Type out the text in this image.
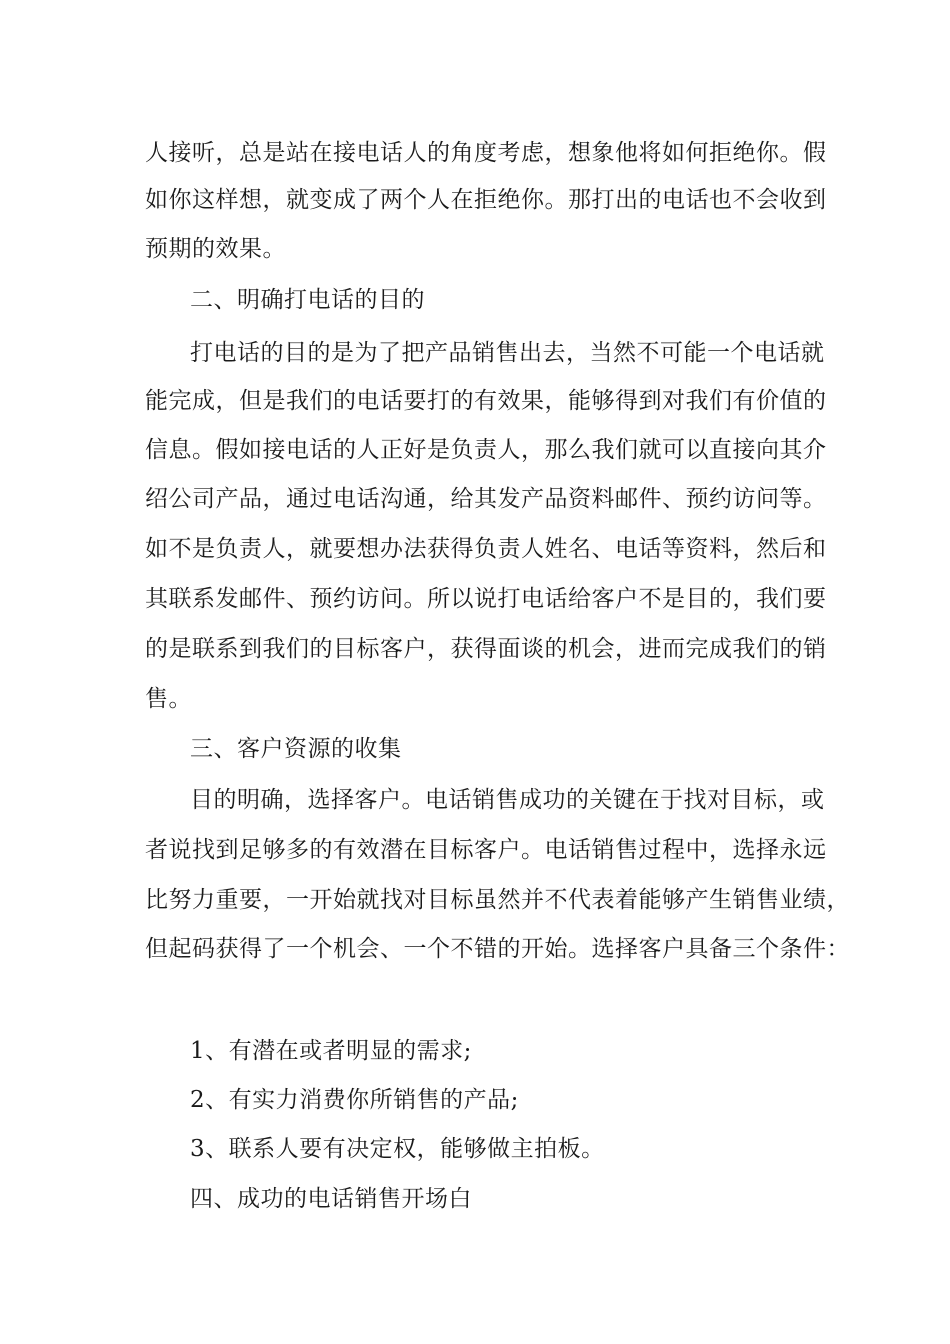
人接听，总是站在接电话人的角度考虑，想象他将如何拒绝你。假
如你这样想，就变成了两个人在拒绝你。那打出的电话也不会收到
预期的效果。
二、明确打电话的目的
打电话的目的是为了把产品销售出去，当然不可能一个电话就
能完成，但是我们的电话要打的有效果，能够得到对我们有价值的
信息。假如接电话的人正好是负责人，那么我们就可以直接向其介
绍公司产品，通过电话沟通，给其发产品资料邮件、预约访问等。
如不是负责人，就要想办法获得负责人姓名、电话等资料，然后和
其联系发邮件、预约访问。所以说打电话给客户不是目的，我们要
的是联系到我们的目标客户，获得面谈的机会，进而完成我们的销
售。
三、客户资源的收集
目的明确，选择客户。电话销售成功的关键在于找对目标，或
者说找到足够多的有效潜在目标客户。电话销售过程中，选择永远
比努力重要，一开始就找对目标虽然并不代表着能够产生销售业绩，
但起码获得了一个机会、一个不错的开始。选择客户具备三个条件：
1、有潜在或者明显的需求;
2、有实力消费你所销售的产品;
3、联系人要有决定权，能够做主拍板。
四、成功的电话销售开场白
